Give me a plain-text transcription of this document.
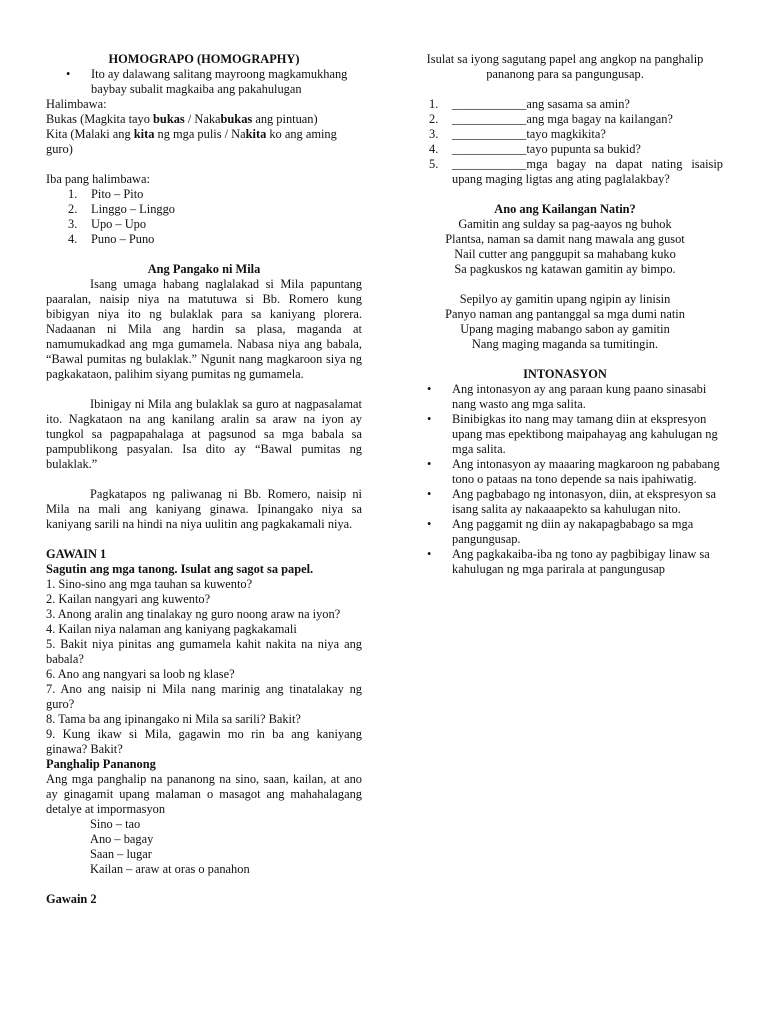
HOMOGRAPO (HOMOGRAPHY)

• Ito ay dalawang salitang mayroong magkamukhang baybay subalit magkaiba ang pakahulugan

Halimbawa:

Bukas (Magkita tayo bukas / Nakabukas ang pintuan)

Kita (Malaki ang kita ng mga pulis / Nakita ko ang aming guro)

Iba pang halimbawa:

1. Pito – Pito

2. Linggo – Linggo

3. Upo – Upo

4. Puno – Puno

Ang Pangako ni Mila

Isang umaga habang naglalakad si Mila papuntang paaralan, naisip niya na matutuwa si Bb. Romero kung bibigyan niya ito ng bulaklak para sa kaniyang plorera. Nadaanan ni Mila ang hardin sa plasa, maganda at namumukadkad ang mga gumamela. Nabasa niya ang babala, “Bawal pumitas ng bulaklak.” Ngunit nang magkaroon siya ng pagkakataon, palihim siyang pumitas ng gumamela.

Ibinigay ni Mila ang bulaklak sa guro at nagpasalamat ito. Nagkataon na ang kanilang aralin sa araw na iyon ay tungkol sa pagpapahalaga at pagsunod sa mga babala sa pampublikong pasyalan. Isa dito ay “Bawal pumitas ng bulaklak.”

Pagkatapos ng paliwanag ni Bb. Romero, naisip ni Mila na mali ang kaniyang ginawa. Ipinangako niya sa kaniyang sarili na hindi na niya uulitin ang pagkakamali niya.

GAWAIN 1

Sagutin ang mga tanong. Isulat ang sagot sa papel.

1. Sino-sino ang mga tauhan sa kuwento?

2. Kailan nangyari ang kuwento?

3. Anong aralin ang tinalakay ng guro noong araw na iyon?

4. Kailan niya nalaman ang kaniyang pagkakamali

5. Bakit niya pinitas ang gumamela kahit nakita na niya ang babala?

6. Ano ang nangyari sa loob ng klase?

7. Ano ang naisip ni Mila nang marinig ang tinatalakay ng guro?

8. Tama ba ang ipinangako ni Mila sa sarili? Bakit?

9. Kung ikaw si Mila, gagawin mo rin ba ang kaniyang ginawa? Bakit?

Panghalip Pananong

Ang mga panghalip na pananong na sino, saan, kailan, at ano ay ginagamit upang malaman o masagot ang mahahalagang detalye at impormasyon

Sino – tao

Ano – bagay

Saan – lugar

Kailan – araw at oras o panahon

Gawain 2

Isulat sa iyong sagutang papel ang angkop na panghalip pananong para sa pangungusap.

1. ____________ang sasama sa amin?

2. ____________ang mga bagay na kailangan?

3. ____________tayo magkikita?

4. ____________tayo pupunta sa bukid?

5. ____________mga bagay na dapat nating isaisip upang maging ligtas ang ating paglalakbay?

Ano ang Kailangan Natin?

Gamitin ang sulday sa pag-aayos ng buhok

Plantsa, naman sa damit nang mawala ang gusot

Nail cutter ang panggupit sa mahabang kuko

Sa pagkuskos ng katawan gamitin ay bimpo.

Sepilyo ay gamitin upang ngipin ay linisin

Panyo naman ang pantanggal sa mga dumi natin

Upang maging mabango sabon ay gamitin

Nang maging maganda sa tumitingin.

INTONASYON

• Ang intonasyon ay ang paraan kung paano sinasabi nang wasto ang mga salita.

• Binibigkas ito nang may tamang diin at ekspresyon upang mas epektibong maipahayag ang kahulugan ng mga salita.

• Ang intonasyon ay maaaring magkaroon ng pababang tono o pataas na tono depende sa nais ipahiwatig.

• Ang pagbabago ng intonasyon, diin, at ekspresyon sa isang salita ay nakaaapekto sa kahulugan nito.

• Ang paggamit ng diin ay nakapagbabago sa mga pangungusap.

• Ang pagkakaiba-iba ng tono ay pagbibigay linaw sa kahulugan ng mga parirala at pangungusap
